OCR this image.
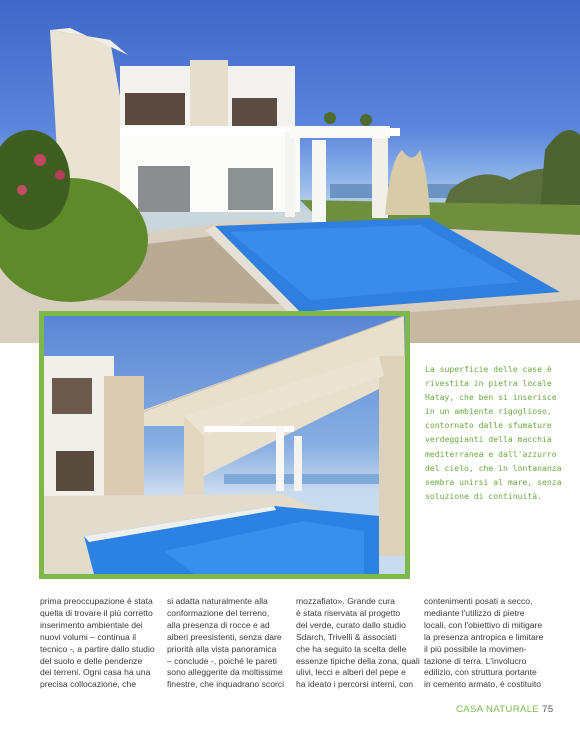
La superficie delle case è
rivestita in pietra locale
Hatay, che ben si inserisce
in un ambiente rigoglioso,
contornato dalle sfumature
verdeggianti della macchia
mediterranea e dall'azzurro
del cielo, che in lontananza
sembra unirsi al mare, senza
soluzione di continuità.
prima preoccupazione è stata
quella di trovare il più corretto
inserimento ambientale dei
nuovi volumi – continua il
tecnico -, a partire dallo studio
del suolo e delle pendenze
dei terreni. Ogni casa ha una
precisa collocazione, che
si adatta naturalmente alla
conformazione del terreno,
alla presenza di rocce e ad
alberi preesistenti, senza dare
priorità alla vista panoramica
– conclude -, poiché le pareti
sono alleggerite da moltissime
finestre, che inquadrano scorci
mozzafiato». Grande cura
è stata riservata al progetto
del verde, curato dallo studio
Sdarch, Trivelli & associati
che ha seguito la scelta delle
essenze tipiche della zona, quali
ulivi, lecci e alberi del pepe e
ha ideato i percorsi interni, con
contenimenti posati a secco,
mediante l'utilizzo di pietre
locali, con l'obiettivo di mitigare
la presenza antropica e limitare
il più possibile la movimen-
tazione di terra. L'involucro
edilizio, con struttura portante
in cemento armato, è costituito
CASA NATURALE 75
